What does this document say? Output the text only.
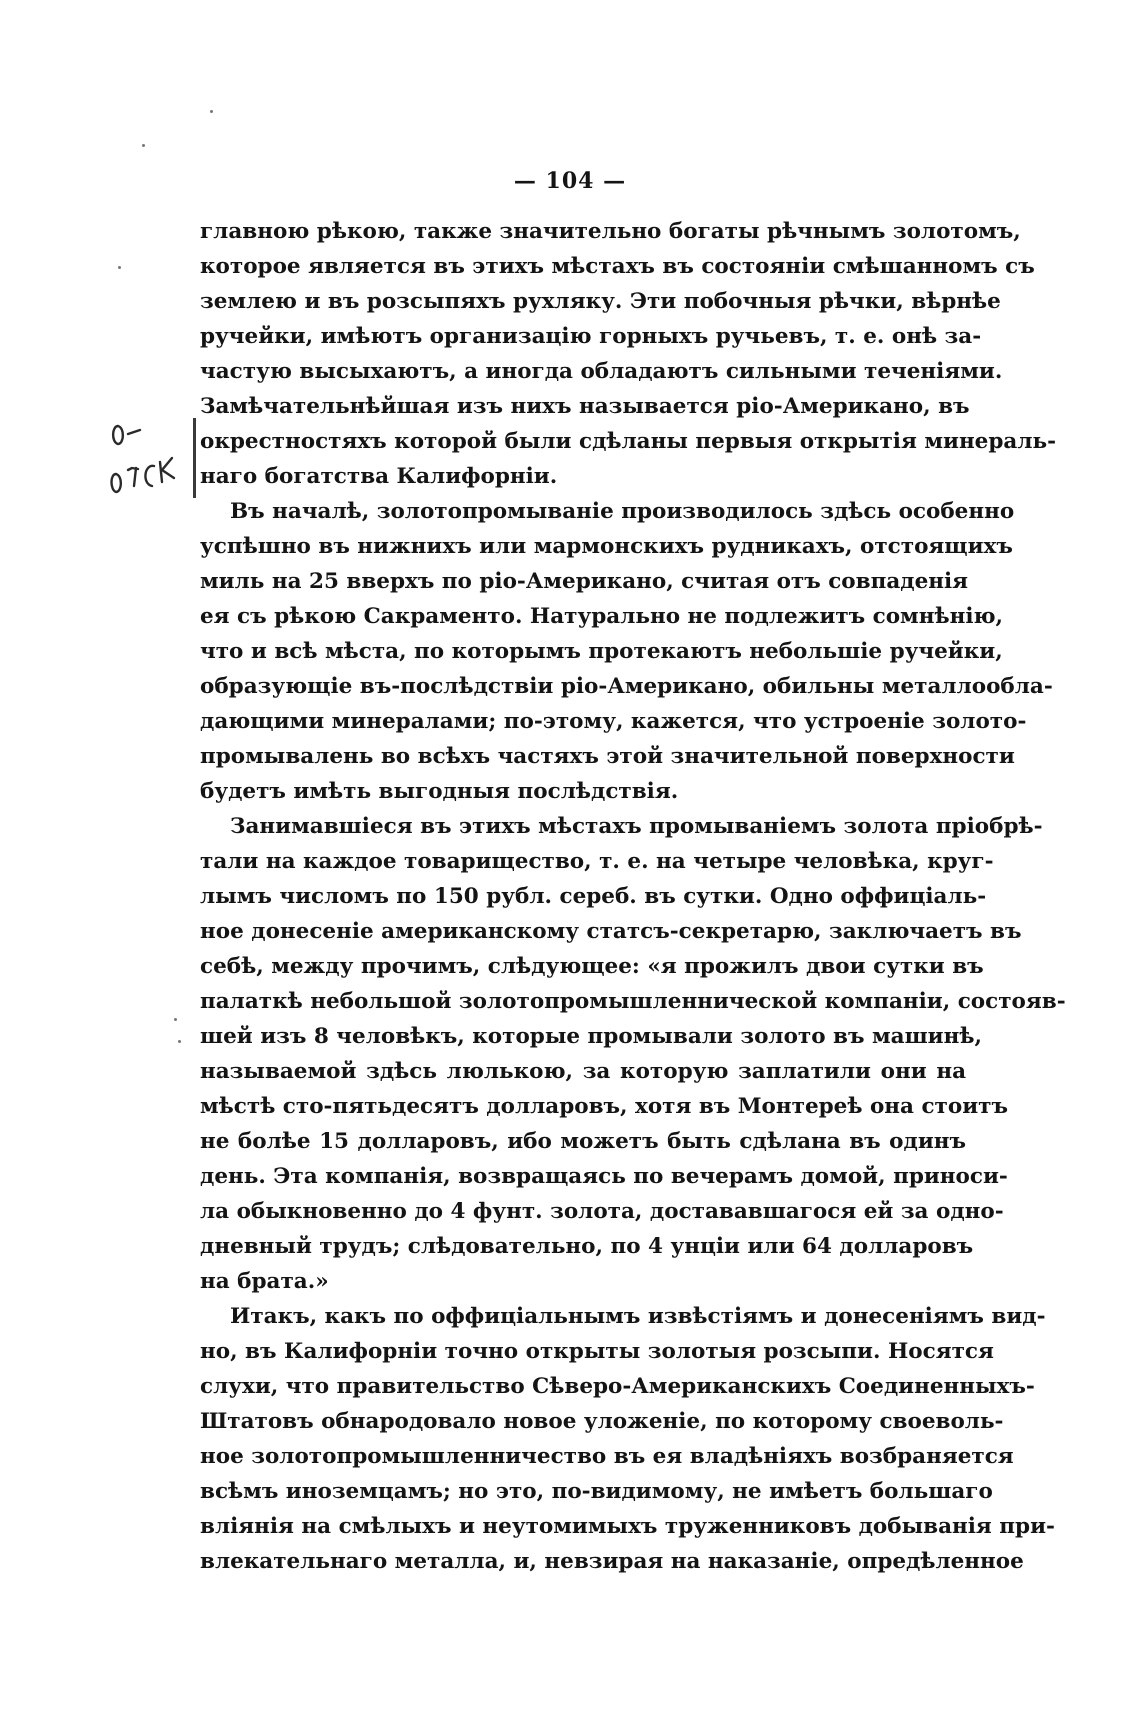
— 104 —
главною рѣкою, также значительно богаты рѣчнымъ золотомъ,
которое является въ этихъ мѣстахъ въ состояніи смѣшанномъ съ
землею и въ розсыпяхъ рухляку. Эти побочныя рѣчки, вѣрнѣе
ручейки, имѣютъ организацію горныхъ ручьевъ, т. е. онѣ за-
частую высыхаютъ, а иногда обладаютъ сильными теченіями.
Замѣчательнѣйшая изъ нихъ называется ріо-Американо, въ
окрестностяхъ которой были сдѣланы первыя открытія минераль-
наго богатства Калифорніи.
Въ началѣ, золотопромываніе производилось здѣсь особенно
успѣшно въ нижнихъ или мармонскихъ рудникахъ, отстоящихъ
миль на 25 вверхъ по ріо-Американо, считая отъ совпаденія
ея съ рѣкою Сакраменто. Натурально не подлежитъ сомнѣнію,
что и всѣ мѣста, по которымъ протекаютъ небольшіе ручейки,
образующіе въ-послѣдствіи ріо-Американо, обильны металлообла-
дающими минералами; по-этому, кажется, что устроеніе золото-
промывалень во всѣхъ частяхъ этой значительной поверхности
будетъ имѣть выгодныя послѣдствія.
Занимавшіеся въ этихъ мѣстахъ промываніемъ золота пріобрѣ-
тали на каждое товарищество, т. е. на четыре человѣка, круг-
лымъ числомъ по 150 рубл. сереб. въ сутки. Одно оффиціаль-
ное донесеніе американскому статсъ-секретарю, заключаетъ въ
себѣ, между прочимъ, слѣдующее: «я прожилъ двои сутки въ
палаткѣ небольшой золотопромышленнической компаніи, состояв-
шей изъ 8 человѣкъ, которые промывали золото въ машинѣ,
называемой здѣсь люлькою, за которую заплатили они на
мѣстѣ сто-пятьдесятъ долларовъ, хотя въ Монтереѣ она стоитъ
не болѣе 15 долларовъ, ибо можетъ быть сдѣлана въ одинъ
день. Эта компанія, возвращаясь по вечерамъ домой, приноси-
ла обыкновенно до 4 фунт. золота, достававшагося ей за одно-
дневный трудъ; слѣдовательно, по 4 унціи или 64 долларовъ
на брата.»
Итакъ, какъ по оффиціальнымъ извѣстіямъ и донесеніямъ вид-
но, въ Калифорніи точно открыты золотыя розсыпи. Носятся
слухи, что правительство Сѣверо-Американскихъ Соединенныхъ-
Штатовъ обнародовало новое уложеніе, по которому своеволь-
ное золотопромышленничество въ ея владѣніяхъ возбраняется
всѣмъ иноземцамъ; но это, по-видимому, не имѣетъ большаго
вліянія на смѣлыхъ и неутомимыхъ труженниковъ добыванія при-
влекательнаго металла, и, невзирая на наказаніе, опредѣленное
